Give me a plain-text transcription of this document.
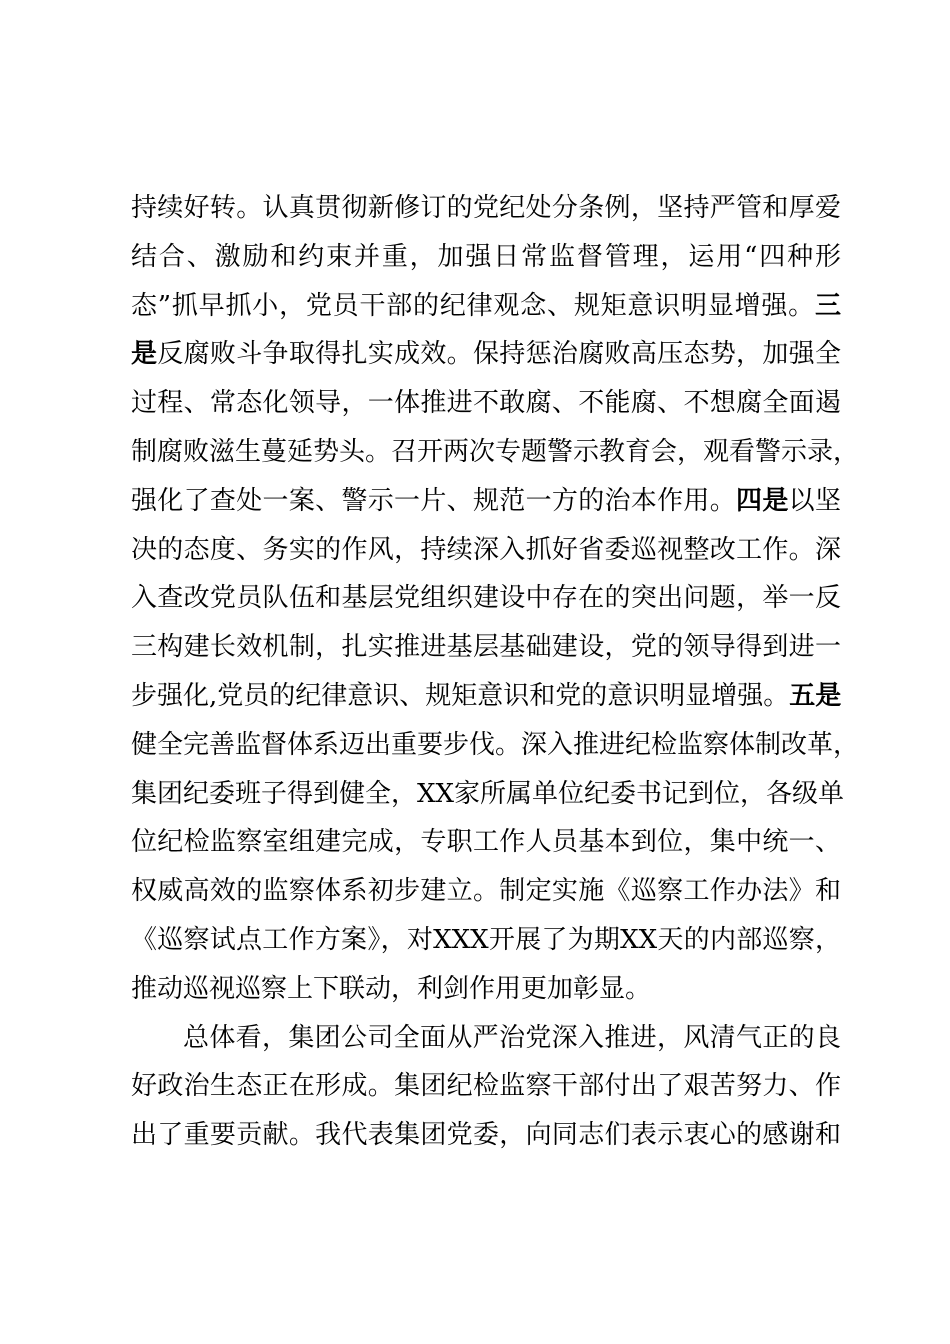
持续好转。认真贯彻新修订的党纪处分条例，坚持严管和厚爱
结合、激励和约束并重，加强日常监督管理，运用“四种形
态”抓早抓小，党员干部的纪律观念、规矩意识明显增强。三
是反腐败斗争取得扎实成效。保持惩治腐败高压态势，加强全
过程、常态化领导，一体推进不敢腐、不能腐、不想腐全面遏
制腐败滋生蔓延势头。召开两次专题警示教育会，观看警示录，
强化了查处一案、警示一片、规范一方的治本作用。四是以坚
决的态度、务实的作风，持续深入抓好省委巡视整改工作。深
入查改党员队伍和基层党组织建设中存在的突出问题，举一反
三构建长效机制，扎实推进基层基础建设，党的领导得到进一
步强化,党员的纪律意识、规矩意识和党的意识明显增强。五是
健全完善监督体系迈出重要步伐。深入推进纪检监察体制改革，
集团纪委班子得到健全，XX家所属单位纪委书记到位，各级单
位纪检监察室组建完成，专职工作人员基本到位，集中统一、
权威高效的监察体系初步建立。制定实施《巡察工作办法》和
《巡察试点工作方案》，对XXX开展了为期XX天的内部巡察，
推动巡视巡察上下联动，利剑作用更加彰显。
总体看，集团公司全面从严治党深入推进，风清气正的良
好政治生态正在形成。集团纪检监察干部付出了艰苦努力、作
出了重要贡献。我代表集团党委，向同志们表示衷心的感谢和
